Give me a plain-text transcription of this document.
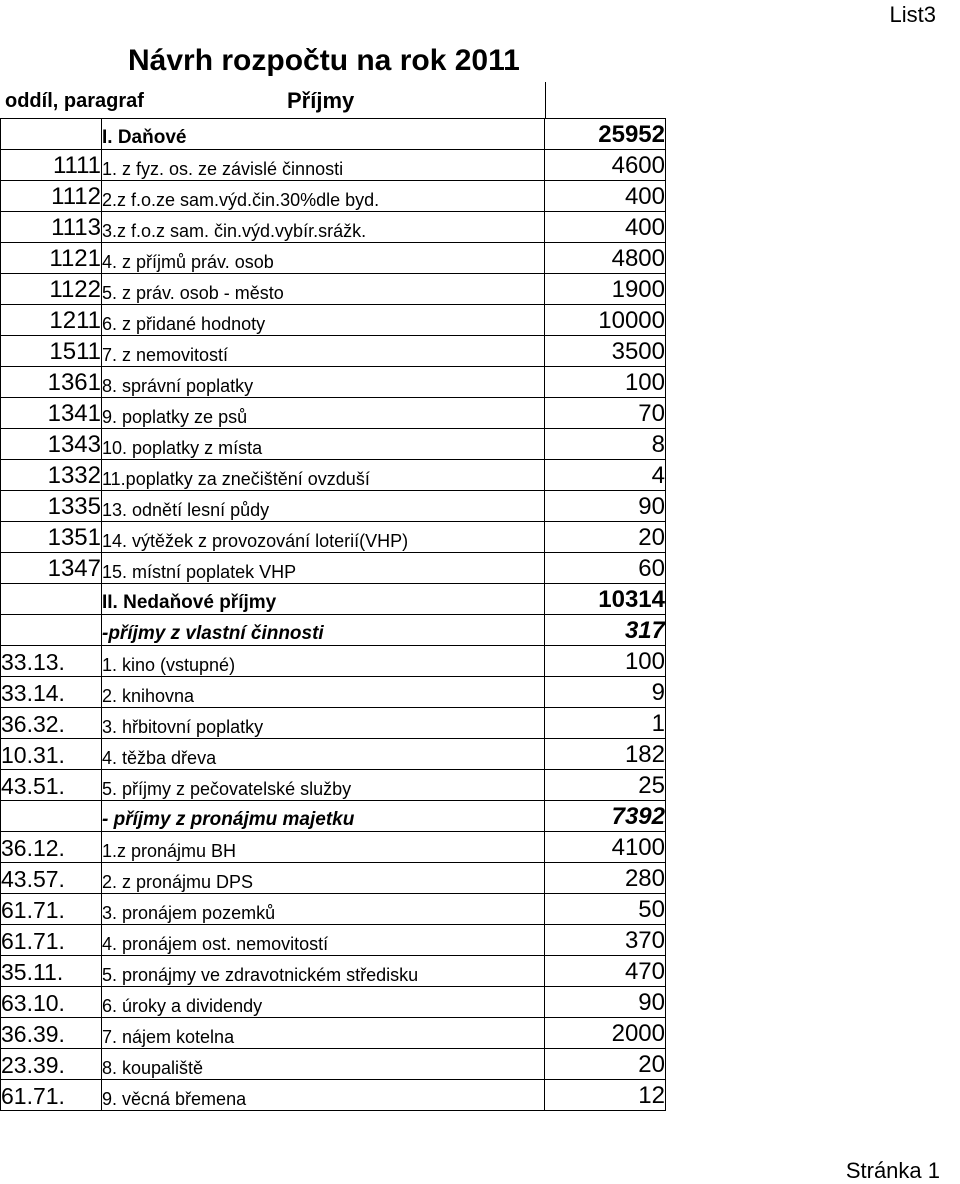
List3
Návrh rozpočtu na rok 2011
oddíl, paragraf	Příjmy
	I. Daňové	25952
1111	1. z fyz. os. ze závislé činnosti	4600
1112	2.z f.o.ze sam.výd.čin.30%dle byd.	400
1113	3.z f.o.z sam. čin.výd.vybír.srážk.	400
1121	4. z příjmů práv. osob	4800
1122	5. z práv. osob - město	1900
1211	6. z přidané hodnoty	10000
1511	7. z nemovitostí	3500
1361	8. správní poplatky	100
1341	9. poplatky ze psů	70
1343	10. poplatky z místa	8
1332	11.poplatky za znečištění ovzduší	4
1335	13. odnětí lesní půdy	90
1351	14. výtěžek z provozování loterií(VHP)	20
1347	15. místní poplatek VHP	60
	II. Nedaňové příjmy	10314
	-příjmy z vlastní činnosti	317
33.13.	1. kino (vstupné)	100
33.14.	2. knihovna	9
36.32.	3. hřbitovní poplatky	1
10.31.	4. těžba dřeva	182
43.51.	5. příjmy z pečovatelské služby	25
	- příjmy z pronájmu majetku	7392
36.12.	1.z pronájmu BH	4100
43.57.	2. z pronájmu DPS	280
61.71.	3. pronájem pozemků	50
61.71.	4. pronájem ost. nemovitostí	370
35.11.	5. pronájmy ve zdravotnickém středisku	470
63.10.	6. úroky a dividendy	90
36.39.	7. nájem kotelna	2000
23.39.	8. koupaliště	20
61.71.	9. věcná břemena	12
Stránka 1
